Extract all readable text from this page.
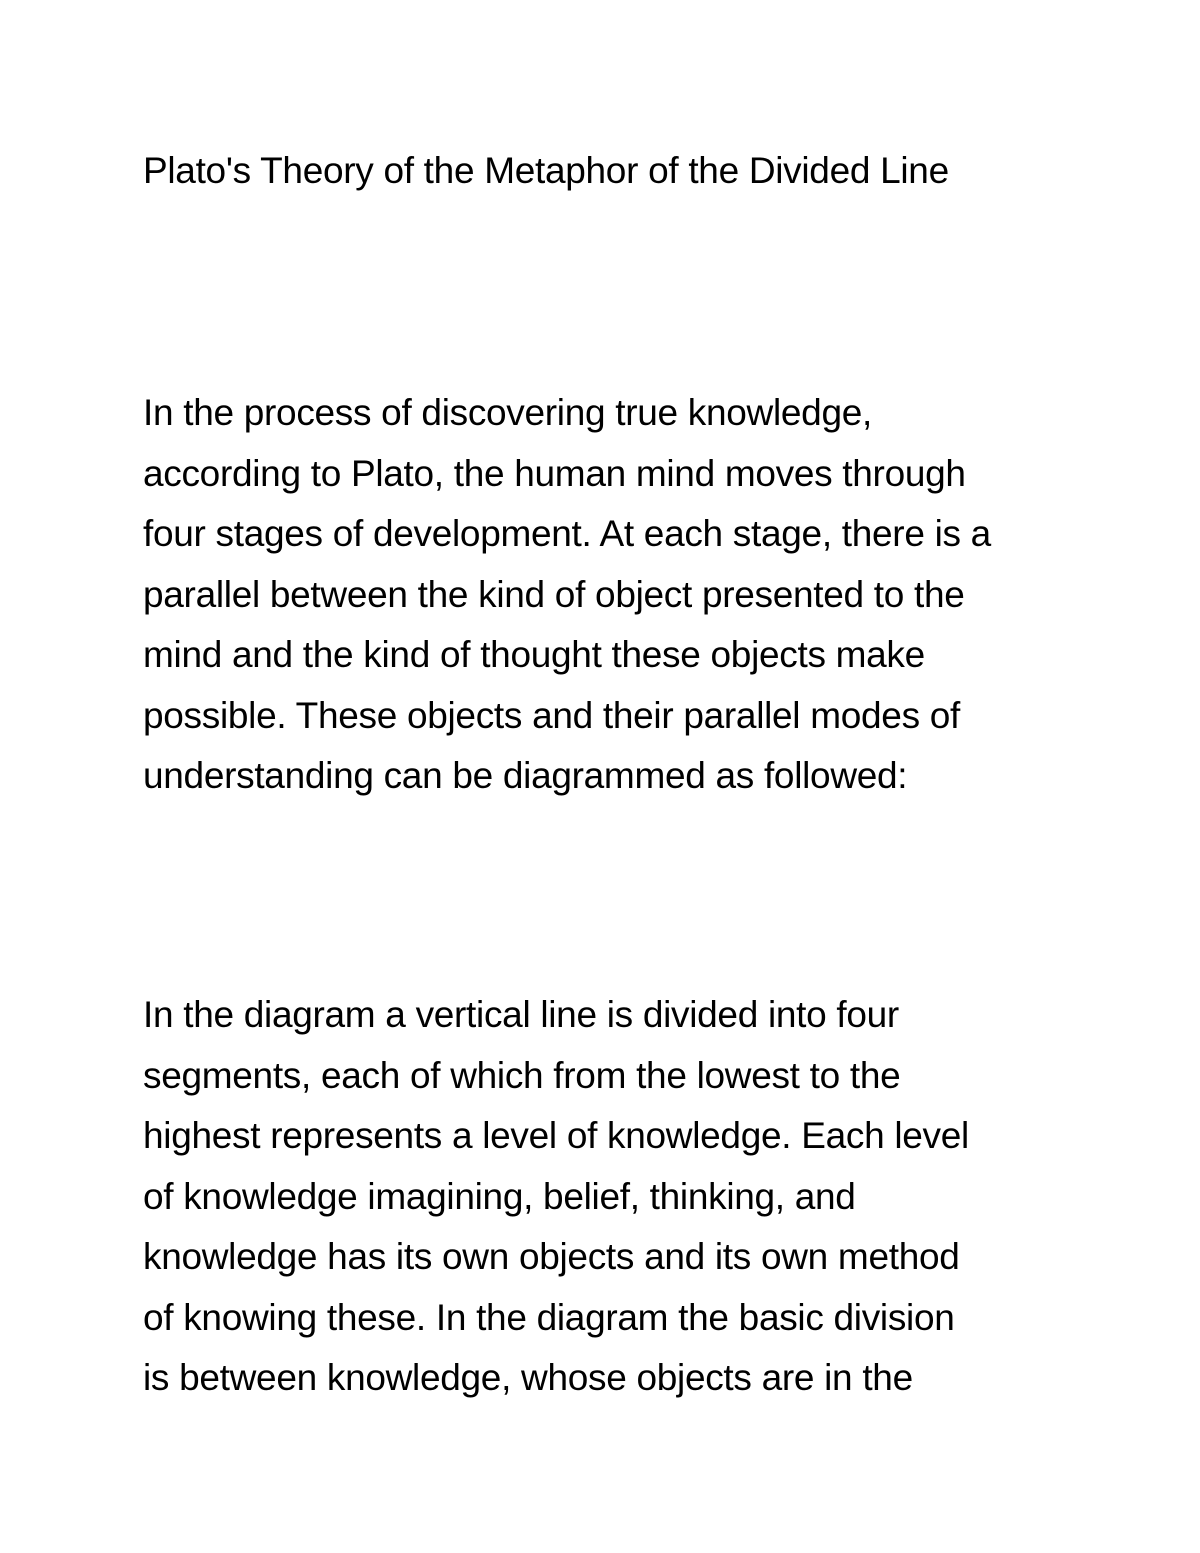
Plato's Theory of the Metaphor of the Divided Line
In the process of discovering true knowledge,
according to Plato, the human mind moves through
four stages of development. At each stage, there is a
parallel between the kind of object presented to the
mind and the kind of thought these objects make
possible. These objects and their parallel modes of
understanding can be diagrammed as followed:
In the diagram a vertical line is divided into four
segments, each of which from the lowest to the
highest represents a level of knowledge. Each level
of knowledge imagining, belief, thinking, and
knowledge has its own objects and its own method
of knowing these. In the diagram the basic division
is between knowledge, whose objects are in the
